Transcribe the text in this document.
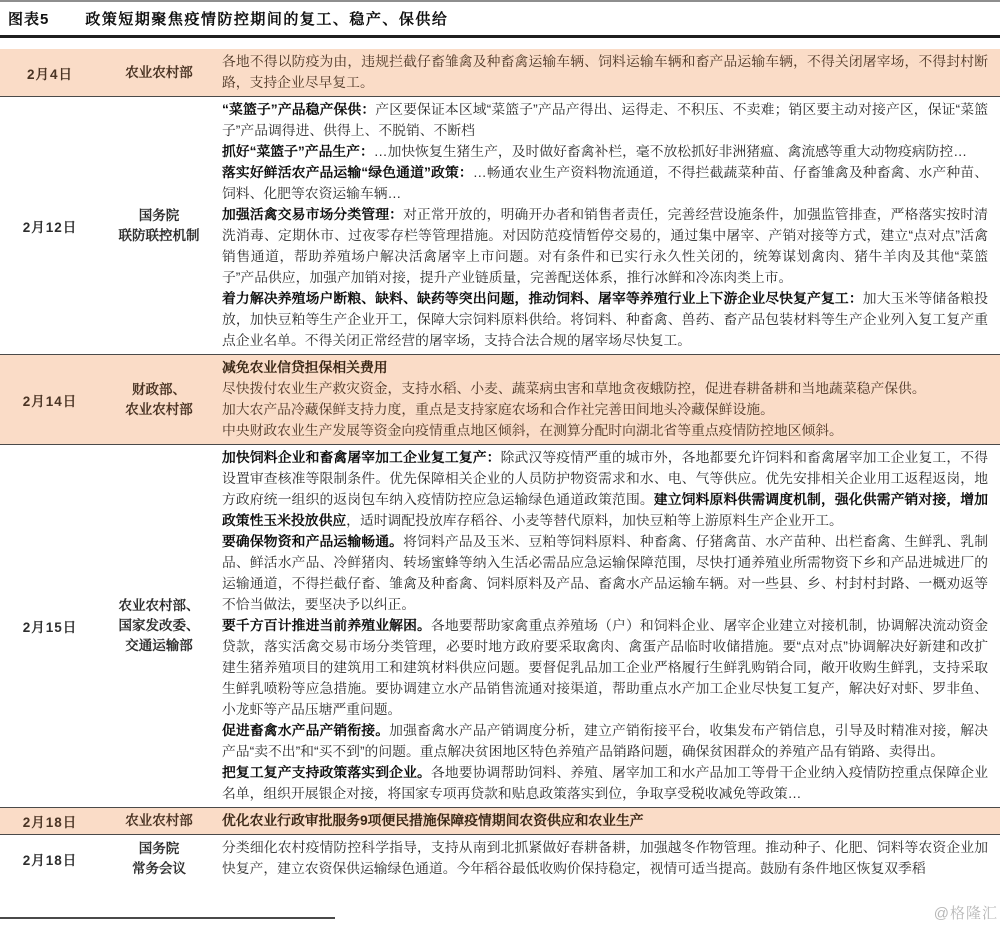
图表5 政策短期聚焦疫情防控期间的复工、稳产、保供给
2月4日	农业农村部

各地不得以防疫为由，违规拦截仔畜雏禽及种畜禽运输车辆、饲料运输车辆和畜产品运输车辆，不得关闭屠宰场，不得封村断路，支持企业尽早复工。

2月12日
国务院
联防联控机制

“菜篮子”产品稳产保供：产区要保证本区域“菜篮子”产品产得出、运得走、不积压、不卖难；销区要主动对接产区，保证“菜篮子”产品调得进、供得上、不脱销、不断档

抓好“菜篮子”产品生产：…加快恢复生猪生产，及时做好畜禽补栏，毫不放松抓好非洲猪瘟、禽流感等重大动物疫病防控…

落实好鲜活农产品运输“绿色通道”政策：…畅通农业生产资料物流通道，不得拦截蔬菜种苗、仔畜雏禽及种畜禽、水产种苗、饲料、化肥等农资运输车辆…

加强活禽交易市场分类管理：对正常开放的，明确开办者和销售者责任，完善经营设施条件，加强监管排查，严格落实按时清洗消毒、定期休市、过夜零存栏等管理措施。对因防范疫情暂停交易的，通过集中屠宰、产销对接等方式，建立“点对点”活禽销售通道，帮助养殖场户解决活禽屠宰上市问题。对有条件和已实行永久性关闭的，统筹谋划禽肉、猪牛羊肉及其他“菜篮子”产品供应，加强产加销对接，提升产业链质量，完善配送体系，推行冰鲜和冷冻肉类上市。

着力解决养殖场户断粮、缺料、缺药等突出问题，推动饲料、屠宰等养殖行业上下游企业尽快复产复工：加大玉米等储备粮投放，加快豆粕等生产企业开工，保障大宗饲料原料供给。将饲料、种畜禽、兽药、畜产品包装材料等生产企业列入复工复产重点企业名单。不得关闭正常经营的屠宰场，支持合法合规的屠宰场尽快复工。

2月14日
财政部、
农业农村部

减免农业信贷担保相关费用

尽快拨付农业生产救灾资金，支持水稻、小麦、蔬菜病虫害和草地贪夜蛾防控，促进春耕备耕和当地蔬菜稳产保供。

加大农产品冷藏保鲜支持力度，重点是支持家庭农场和合作社完善田间地头冷藏保鲜设施。

中央财政农业生产发展等资金向疫情重点地区倾斜，在测算分配时向湖北省等重点疫情防控地区倾斜。

2月15日
农业农村部、
国家发改委、
交通运输部

加快饲料企业和畜禽屠宰加工企业复工复产：除武汉等疫情严重的城市外，各地都要允许饲料和畜禽屠宰加工企业复工，不得设置审查核准等限制条件。优先保障相关企业的人员防护物资需求和水、电、气等供应。优先安排相关企业用工返程返岗，地方政府统一组织的返岗包车纳入疫情防控应急运输绿色通道政策范围。建立饲料原料供需调度机制，强化供需产销对接，增加政策性玉米投放供应，适时调配投放库存稻谷、小麦等替代原料，加快豆粕等上游原料生产企业开工。

要确保物资和产品运输畅通。将饲料产品及玉米、豆粕等饲料原料、种畜禽、仔猪禽苗、水产苗种、出栏畜禽、生鲜乳、乳制品、鲜活水产品、冷鲜猪肉、转场蜜蜂等纳入生活必需品应急运输保障范围，尽快打通养殖业所需物资下乡和产品进城进厂的运输通道，不得拦截仔畜、雏禽及种畜禽、饲料原料及产品、畜禽水产品运输车辆。对一些县、乡、村封村封路、一概劝返等不恰当做法，要坚决予以纠正。

要千方百计推进当前养殖业解困。各地要帮助家禽重点养殖场（户）和饲料企业、屠宰企业建立对接机制，协调解决流动资金贷款，落实活禽交易市场分类管理，必要时地方政府要采取禽肉、禽蛋产品临时收储措施。要“点对点”协调解决好新建和改扩建生猪养殖项目的建筑用工和建筑材料供应问题。要督促乳品加工企业严格履行生鲜乳购销合同，敞开收购生鲜乳，支持采取生鲜乳喷粉等应急措施。要协调建立水产品销售流通对接渠道，帮助重点水产加工企业尽快复工复产，解决好对虾、罗非鱼、小龙虾等产品压塘严重问题。

促进畜禽水产品产销衔接。加强畜禽水产品产销调度分析，建立产销衔接平台，收集发布产销信息，引导及时精准对接，解决产品“卖不出”和“买不到”的问题。重点解决贫困地区特色养殖产品销路问题，确保贫困群众的养殖产品有销路、卖得出。

把复工复产支持政策落实到企业。各地要协调帮助饲料、养殖、屠宰加工和水产品加工等骨干企业纳入疫情防控重点保障企业名单，组织开展银企对接，将国家专项再贷款和贴息政策落实到位，争取享受税收减免等政策…

2月18日	农业农村部 优化农业行政审批服务9项便民措施保障疫情期间农资供应和农业生产

2月18日
国务院
常务会议

分类细化农村疫情防控科学指导，支持从南到北抓紧做好春耕备耕，加强越冬作物管理。推动种子、化肥、饲料等农资企业加快复产，建立农资保供运输绿色通道。今年稻谷最低收购价保持稳定，视情可适当提高。鼓励有条件地区恢复双季稻

@格隆汇
